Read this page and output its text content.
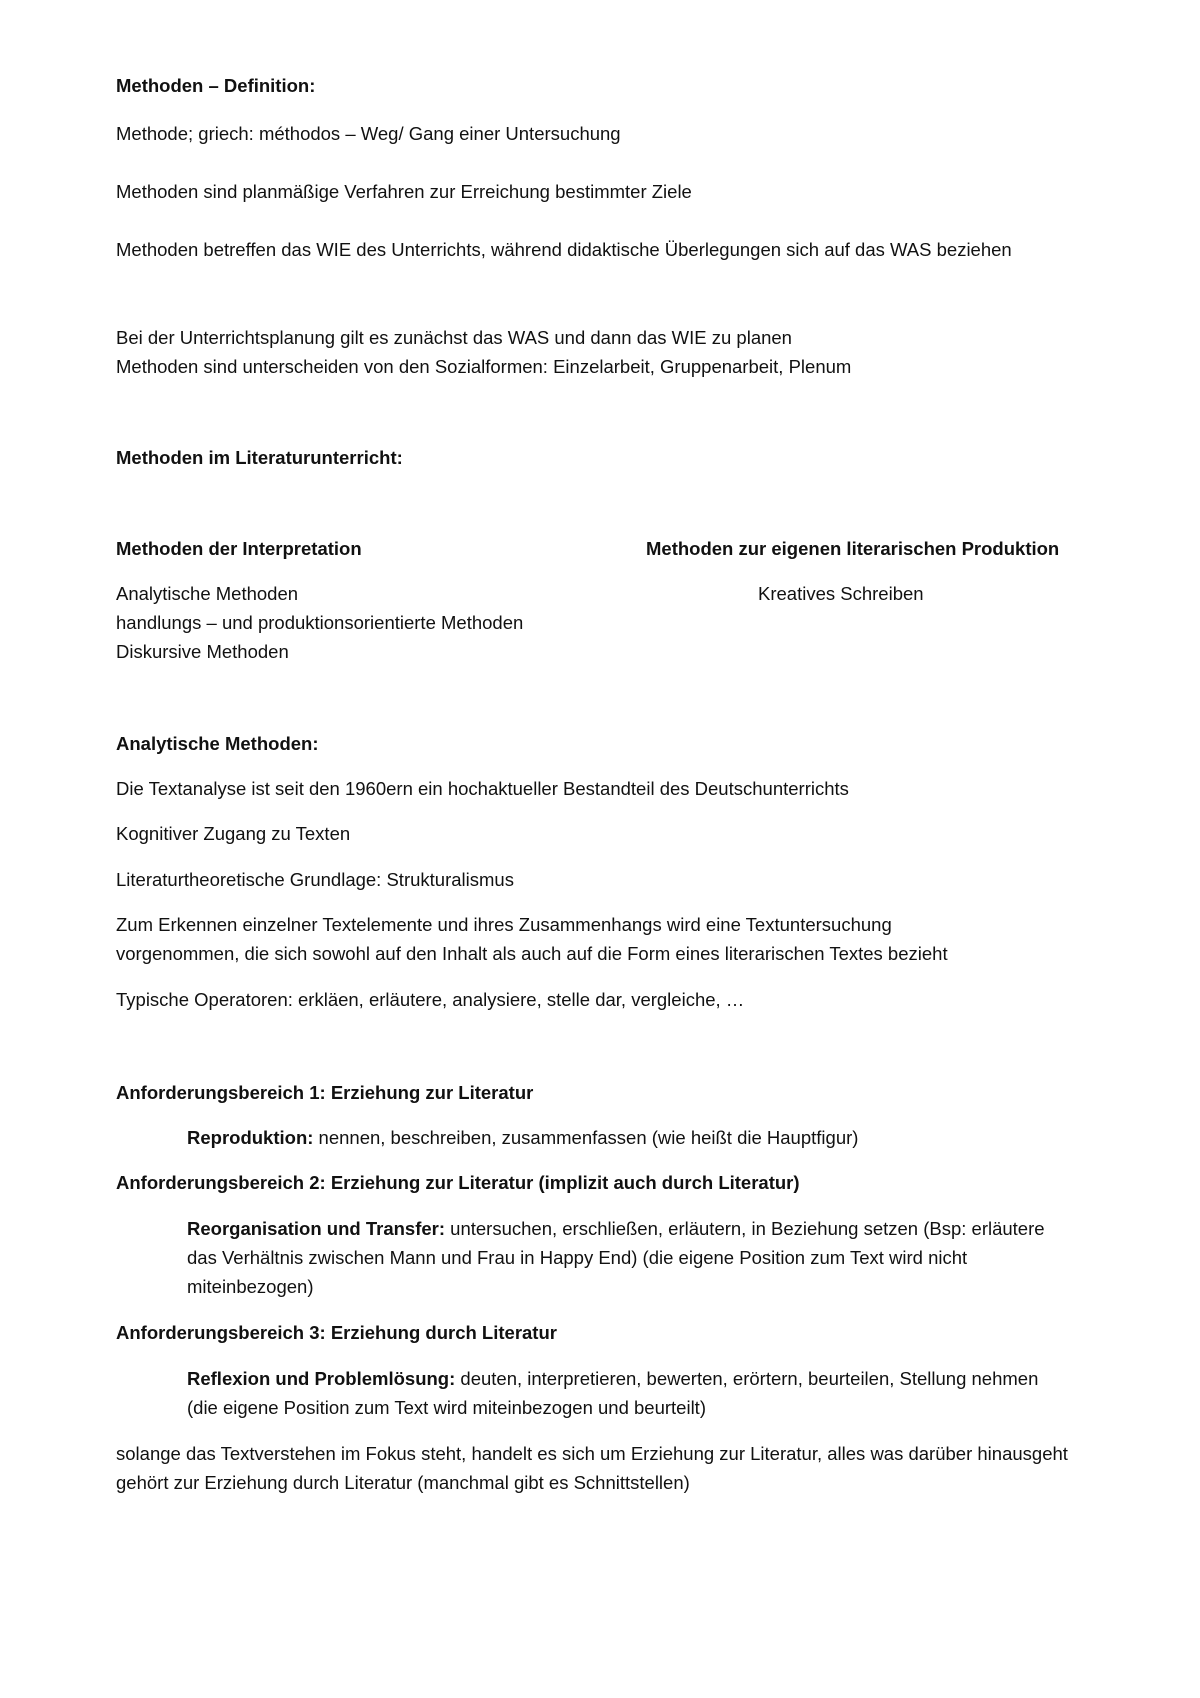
Methoden – Definition:
Methode; griech: méthodos – Weg/ Gang einer Untersuchung
Methoden sind planmäßige Verfahren zur Erreichung bestimmter Ziele
Methoden betreffen das WIE des Unterrichts, während didaktische Überlegungen sich auf das WAS beziehen
Bei der Unterrichtsplanung gilt es zunächst das WAS und dann das WIE zu planen
Methoden sind unterscheiden von den Sozialformen: Einzelarbeit, Gruppenarbeit, Plenum
Methoden im Literaturunterricht:
Methoden der Interpretation	Methoden zur eigenen literarischen Produktion
Analytische Methoden
handlungs – und produktionsorientierte Methoden
Diskursive Methoden
Kreatives Schreiben
Analytische Methoden:
Die Textanalyse ist seit den 1960ern ein hochaktueller Bestandteil des Deutschunterrichts
Kognitiver Zugang zu Texten
Literaturtheoretische Grundlage: Strukturalismus
Zum Erkennen einzelner Textelemente und ihres Zusammenhangs wird eine Textuntersuchung vorgenommen, die sich sowohl auf den Inhalt als auch auf die Form eines literarischen Textes bezieht
Typische Operatoren: erkläen, erläutere, analysiere, stelle dar, vergleiche, …
Anforderungsbereich 1: Erziehung zur Literatur
Reproduktion: nennen, beschreiben, zusammenfassen (wie heißt die Hauptfigur)
Anforderungsbereich 2: Erziehung zur Literatur (implizit auch durch Literatur)
Reorganisation und Transfer: untersuchen, erschließen, erläutern, in Beziehung setzen (Bsp: erläutere das Verhältnis zwischen Mann und Frau in Happy End) (die eigene Position zum Text wird nicht miteinbezogen)
Anforderungsbereich 3: Erziehung durch Literatur
Reflexion und Problemlösung: deuten, interpretieren, bewerten, erörtern, beurteilen, Stellung nehmen (die eigene Position zum Text wird miteinbezogen und beurteilt)
solange das Textverstehen im Fokus steht, handelt es sich um Erziehung zur Literatur, alles was darüber hinausgeht gehört zur Erziehung durch Literatur (manchmal gibt es Schnittstellen)
